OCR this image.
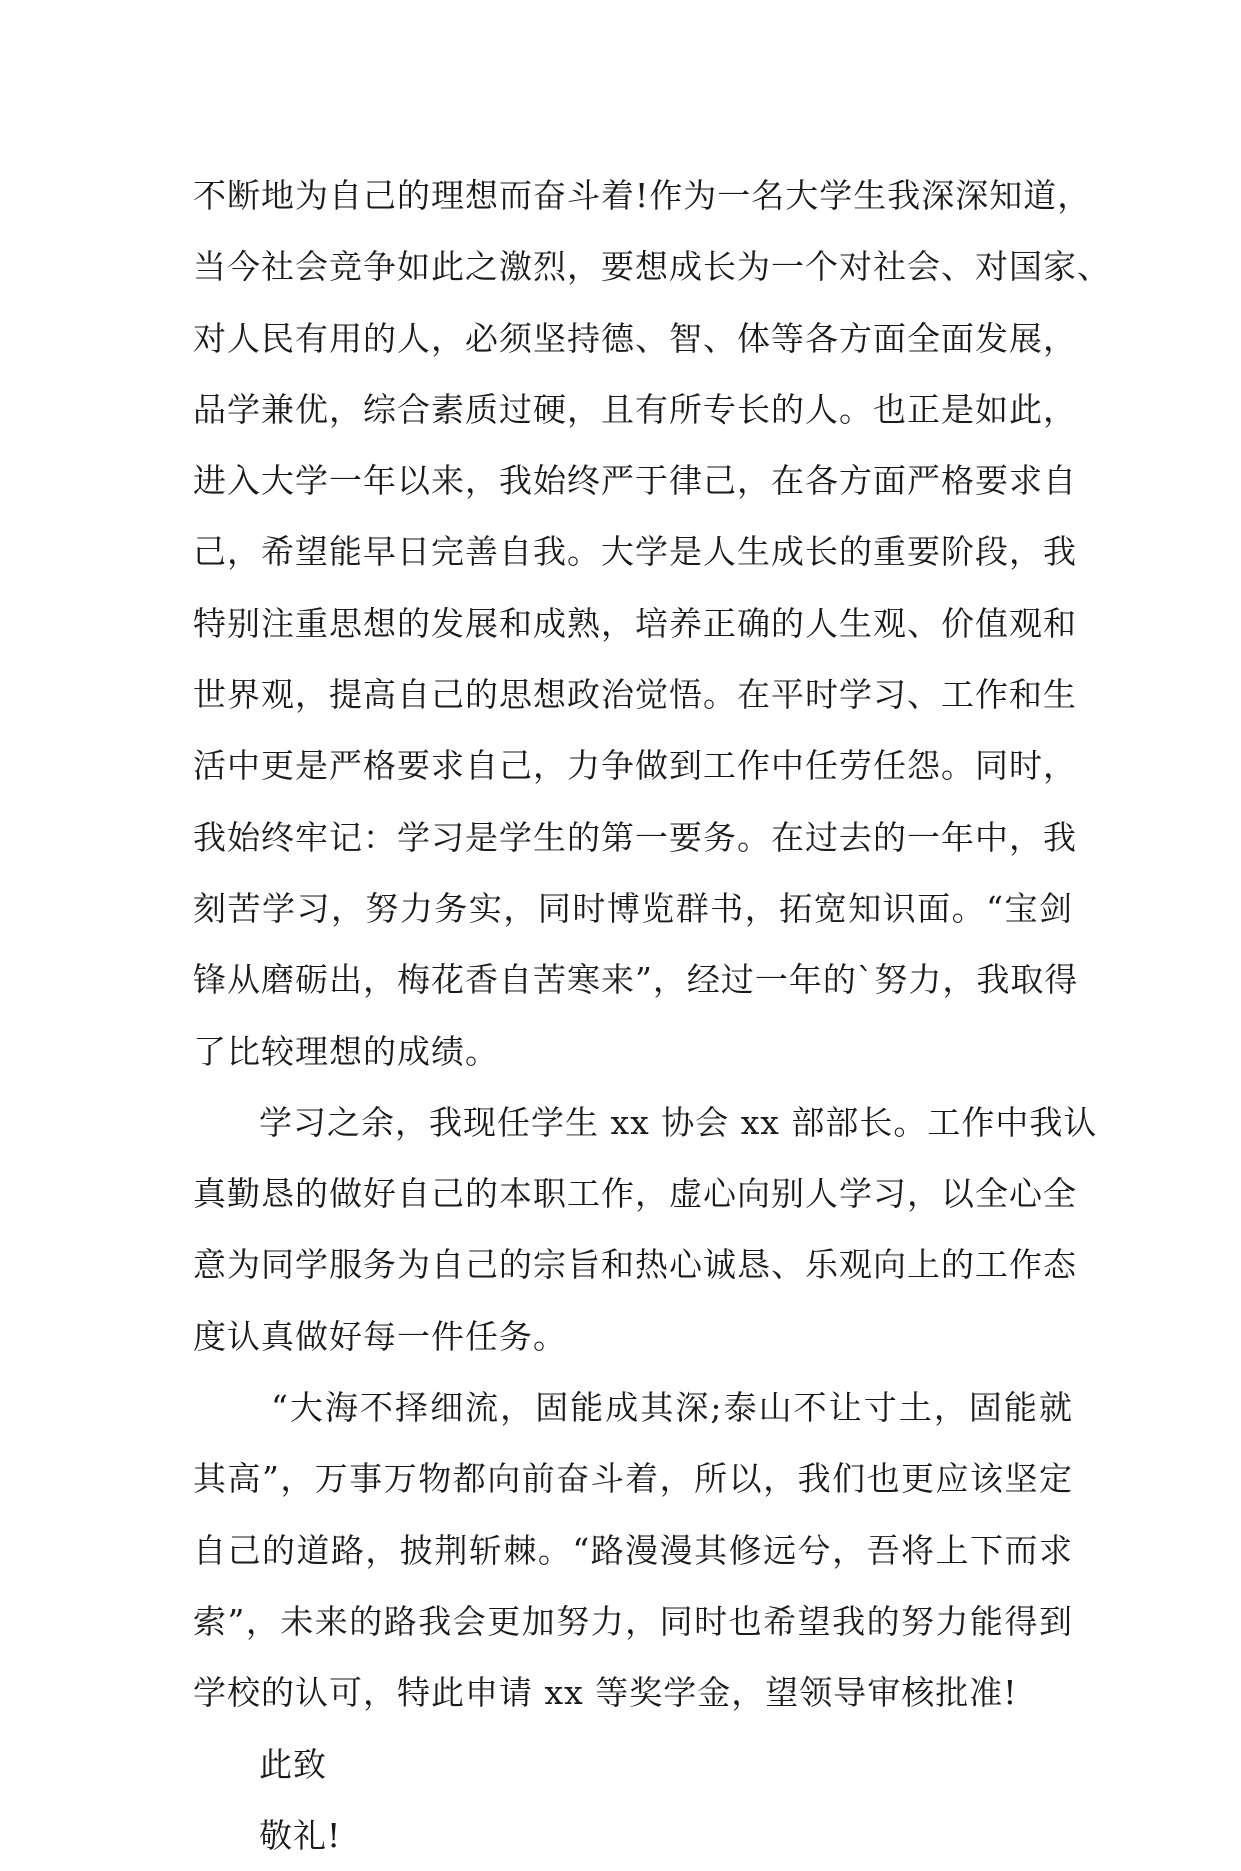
不断地为自己的理想而奋斗着!作为一名大学生我深深知道，
当今社会竞争如此之激烈，要想成长为一个对社会、对国家、
对人民有用的人，必须坚持德、智、体等各方面全面发展，
品学兼优，综合素质过硬，且有所专长的人。也正是如此，
进入大学一年以来，我始终严于律己，在各方面严格要求自
己，希望能早日完善自我。大学是人生成长的重要阶段，我
特别注重思想的发展和成熟，培养正确的人生观、价值观和
世界观，提高自己的思想政治觉悟。在平时学习、工作和生
活中更是严格要求自己，力争做到工作中任劳任怨。同时，
我始终牢记：学习是学生的第一要务。在过去的一年中，我
刻苦学习，努力务实，同时博览群书，拓宽知识面。“宝剑
锋从磨砺出，梅花香自苦寒来”，经过一年的`努力，我取得
了比较理想的成绩。
学习之余，我现任学生 xx 协会 xx 部部长。工作中我认
真勤恳的做好自己的本职工作，虚心向别人学习，以全心全
意为同学服务为自己的宗旨和热心诚恳、乐观向上的工作态
度认真做好每一件任务。
“大海不择细流，固能成其深;泰山不让寸土，固能就
其高”，万事万物都向前奋斗着，所以，我们也更应该坚定
自己的道路，披荆斩棘。“路漫漫其修远兮，吾将上下而求
索”，未来的路我会更加努力，同时也希望我的努力能得到
学校的认可，特此申请 xx 等奖学金，望领导审核批准!
此致
敬礼!
